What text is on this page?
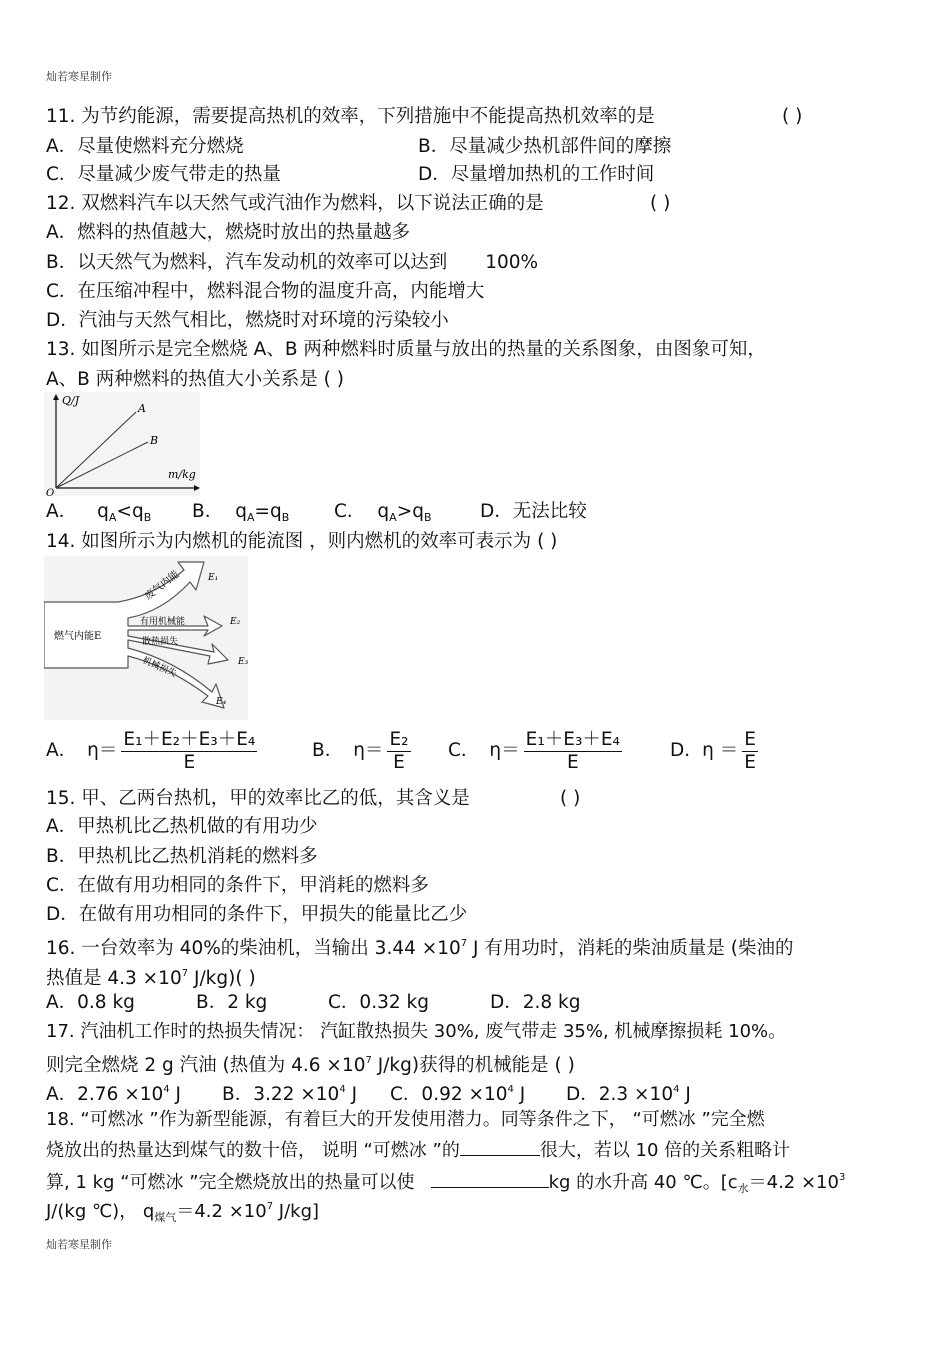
灿若寒星制作
11. 为节约能源，需要提高热机的效率，下列措施中不能提高热机效率的是	( )
A．尽量使燃料充分燃烧	B．尽量减少热机部件间的摩擦
C．尽量减少废气带走的热量	D．尽量增加热机的工作时间
12. 双燃料汽车以天然气或汽油作为燃料，以下说法正确的是	( )
A．燃料的热值越大，燃烧时放出的热量越多
B．以天然气为燃料，汽车发动机的效率可以达到 100%
C．在压缩冲程中，燃料混合物的温度升高，内能增大
D．汽油与天然气相比，燃烧时对环境的污染较小
13. 如图所示是完全燃烧 A、B 两种燃料时质量与放出的热量的关系图象，由图象可知，
A、B 两种燃料的热值大小关系是 ( )
Q/J
m/kg
O
A
B
A． $q_A<q_B$ B． $q_A=q_B$ C． $q_A>q_B$	D．无法比较
14. 如图所示为内燃机的能流图 ，则内燃机的效率可表示为 ( )
燃气内能E
废气内能
有用机械能
散热损失
机械损失
E₁
E₂
E₃
E₄
A． $\eta= \frac{\text{E₁＋E₂＋E₃＋E₄}}{E}$	B． $\eta= \frac{\text{E₂}}{E}$ C． $\eta= \frac{\text{E₁＋E₃＋E₄}}{E}$	D. $\eta = \frac{E}{E}$
15. 甲、乙两台热机，甲的效率比乙的低，其含义是	( )
A．甲热机比乙热机做的有用功少
B．甲热机比乙热机消耗的燃料多
C．在做有用功相同的条件下，甲消耗的燃料多
D．在做有用功相同的条件下，甲损失的能量比乙少
16. 一台效率为 40%的柴油机，当输出 $3.44 \times 10^7$ J 有用功时，消耗的柴油质量是 (柴油的
热值是 $4.3 \times 10^7$ J/kg)( )
A．0.8 kg	B．2 kg	C．0.32 kg	D．2.8 kg
17. 汽油机工作时的热损失情况： 汽缸散热损失 30%, 废气带走 35%, 机械摩擦损耗 10%。
则完全燃烧 2 g 汽油 (热值为 $4.6 \times 10^7$ J/kg)获得的机械能是 ( )
A．$2.76 \times 10^4$ J B．$3.22 \times 10^4$ J C．$0.92 \times 10^4$ J D．$2.3 \times 10^4$ J
18. “可燃冰 ”作为新型能源，有着巨大的开发使用潜力。同等条件之下， “可燃冰 ”完全燃
烧放出的热量达到煤气的数十倍， 说明 “可燃冰 ”的	很大，若以 10 倍的关系粗略计
算, 1 kg “可燃冰 ”完全燃烧放出的热量可以使	kg 的水升高 40 ℃。[$c_水=4.2 \times 10^3$
J/(kg ℃)， $q_{煤气}=4.2 \times 10^7$ J/kg]
灿若寒星制作
